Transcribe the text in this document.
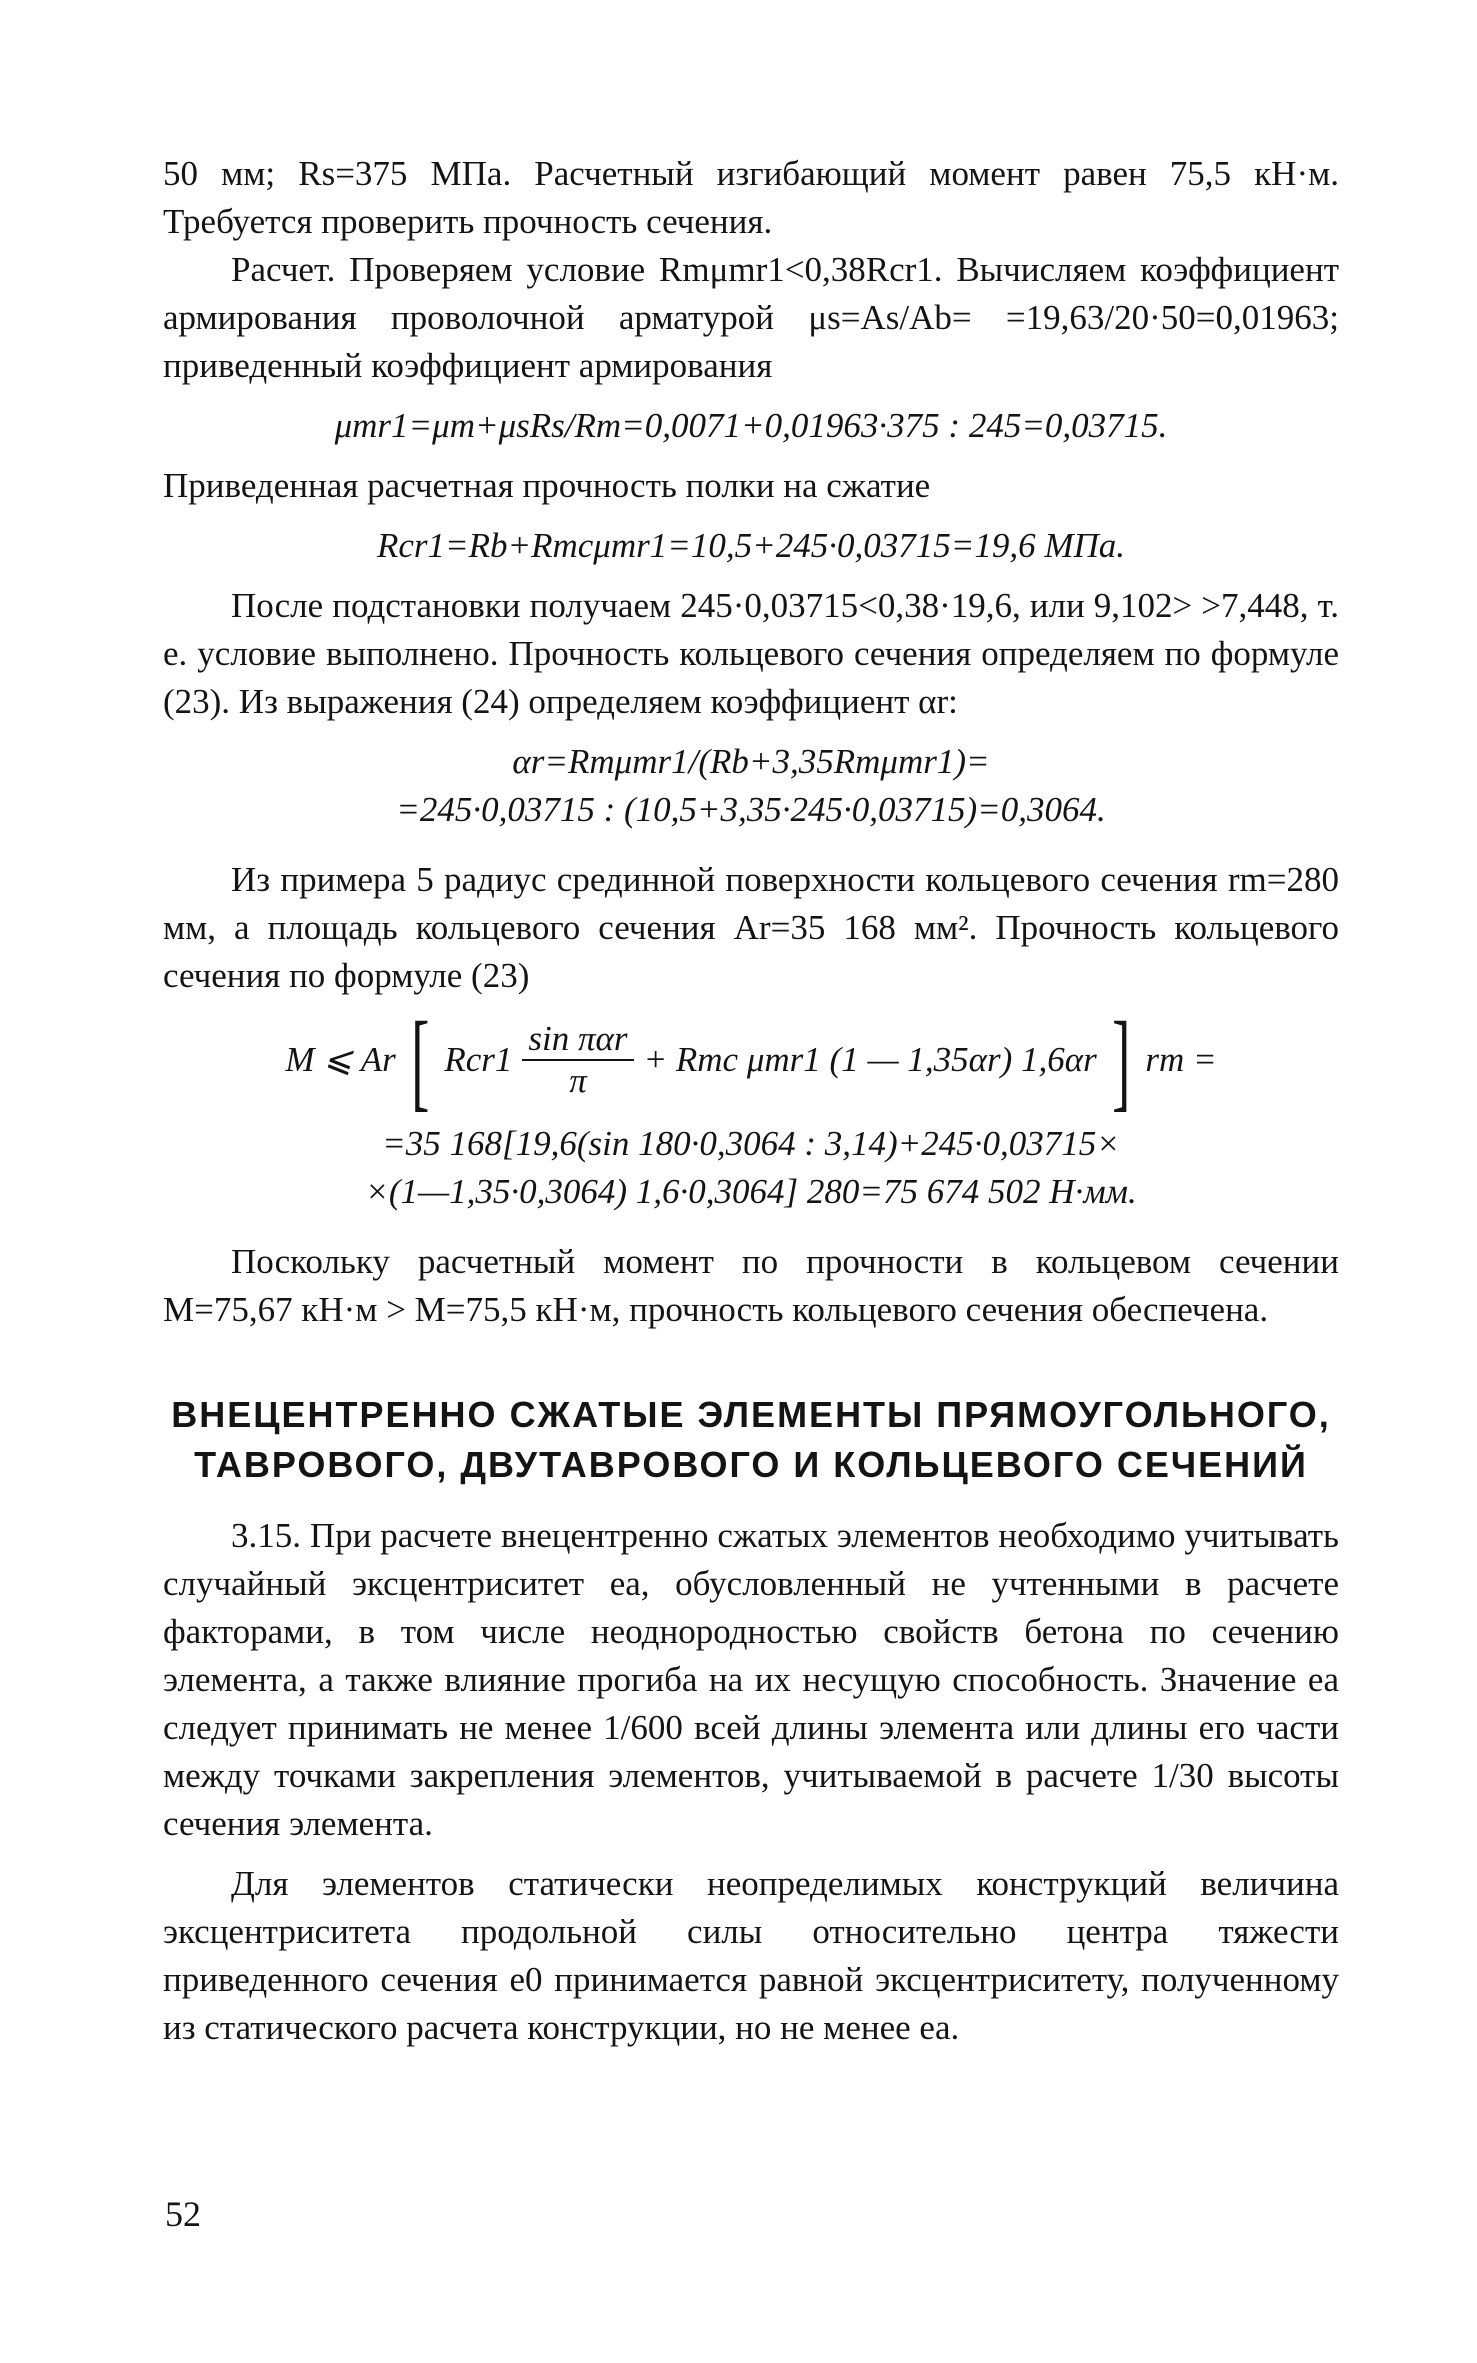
50 мм; Rs=375 МПа. Расчетный изгибающий момент равен 75,5 кН·м. Требуется проверить прочность сечения.

Расчет. Проверяем условие Rmμmr1<0,38Rcr1. Вычисляем коэффициент армирования проволочной арматурой μs=As/Ab= =19,63/20·50=0,01963; приведенный коэффициент армирования

μmr1=μm+μsRs/Rm=0,0071+0,01963·375 : 245=0,03715.

Приведенная расчетная прочность полки на сжатие

Rcr1=Rb+Rmcμmr1=10,5+245·0,03715=19,6 МПа.

После подстановки получаем 245·0,03715<0,38·19,6, или 9,102> >7,448, т. е. условие выполнено. Прочность кольцевого сечения определяем по формуле (23). Из выражения (24) определяем коэффициент αr:

αr=Rmμmr1/(Rb+3,35Rmμmr1)=
=245·0,03715 : (10,5+3,35·245·0,03715)=0,3064.

Из примера 5 радиус срединной поверхности кольцевого сечения rm=280 мм, а площадь кольцевого сечения Ar=35 168 мм². Прочность кольцевого сечения по формуле (23)

M ⩽ Ar [ $Rcr1 \frac{\text{sin παr}}{\pi}$ + Rmc μmr1 (1 — 1,35αr) 1,6αr ] rm =
=35 168[19,6(sin 180·0,3064 : 3,14)+245·0,03715×
×(1—1,35·0,3064) 1,6·0,3064] 280=75 674 502 Н·мм.

Поскольку расчетный момент по прочности в кольцевом сечении M=75,67 кН·м > M=75,5 кН·м, прочность кольцевого сечения обеспечена.

ВНЕЦЕНТРЕННО СЖАТЫЕ ЭЛЕМЕНТЫ ПРЯМОУГОЛЬНОГО,
ТАВРОВОГО, ДВУТАВРОВОГО И КОЛЬЦЕВОГО СЕЧЕНИЙ

3.15. При расчете внецентренно сжатых элементов необходимо учитывать случайный эксцентриситет ea, обусловленный не учтенными в расчете факторами, в том числе неоднородностью свойств бетона по сечению элемента, а также влияние прогиба на их несущую способность. Значение ea следует принимать не менее 1/600 всей длины элемента или длины его части между точками закрепления элементов, учитываемой в расчете 1/30 высоты сечения элемента.

Для элементов статически неопределимых конструкций величина эксцентриситета продольной силы относительно центра тяжести приведенного сечения e0 принимается равной эксцентриситету, полученному из статического расчета конструкции, но не менее ea.

52
